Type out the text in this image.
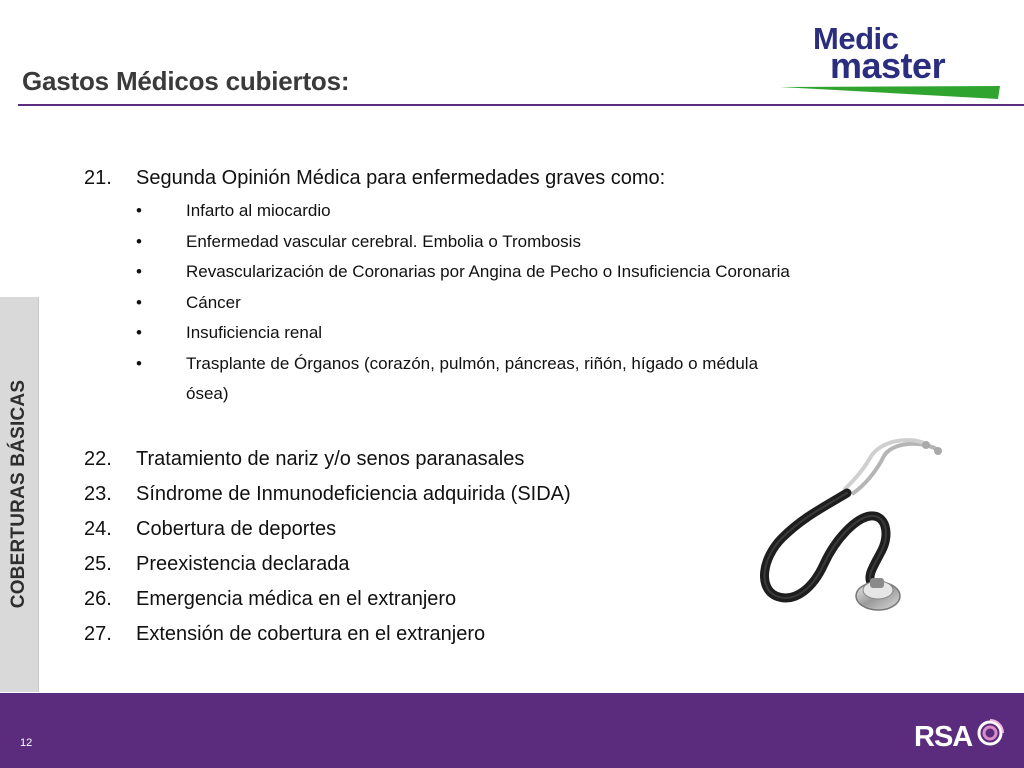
Gastos Médicos cubiertos:
Medic
master
COBERTURAS BÁSICAS
21.	Segunda Opinión Médica para enfermedades graves como:
•	Infarto al miocardio
•	Enfermedad vascular cerebral. Embolia o Trombosis
•	Revascularización de Coronarias por Angina de Pecho o Insuficiencia Coronaria
•	Cáncer
•	Insuficiencia renal
•	Trasplante de Órganos (corazón, pulmón, páncreas, riñón, hígado o médula
ósea)
22.	Tratamiento de nariz y/o senos paranasales
23.	Síndrome de Inmunodeficiencia adquirida (SIDA)
24.	Cobertura de deportes
25.	Preexistencia declarada
26.	Emergencia médica en el extranjero
27.	Extensión de cobertura en el extranjero
12	RSA
